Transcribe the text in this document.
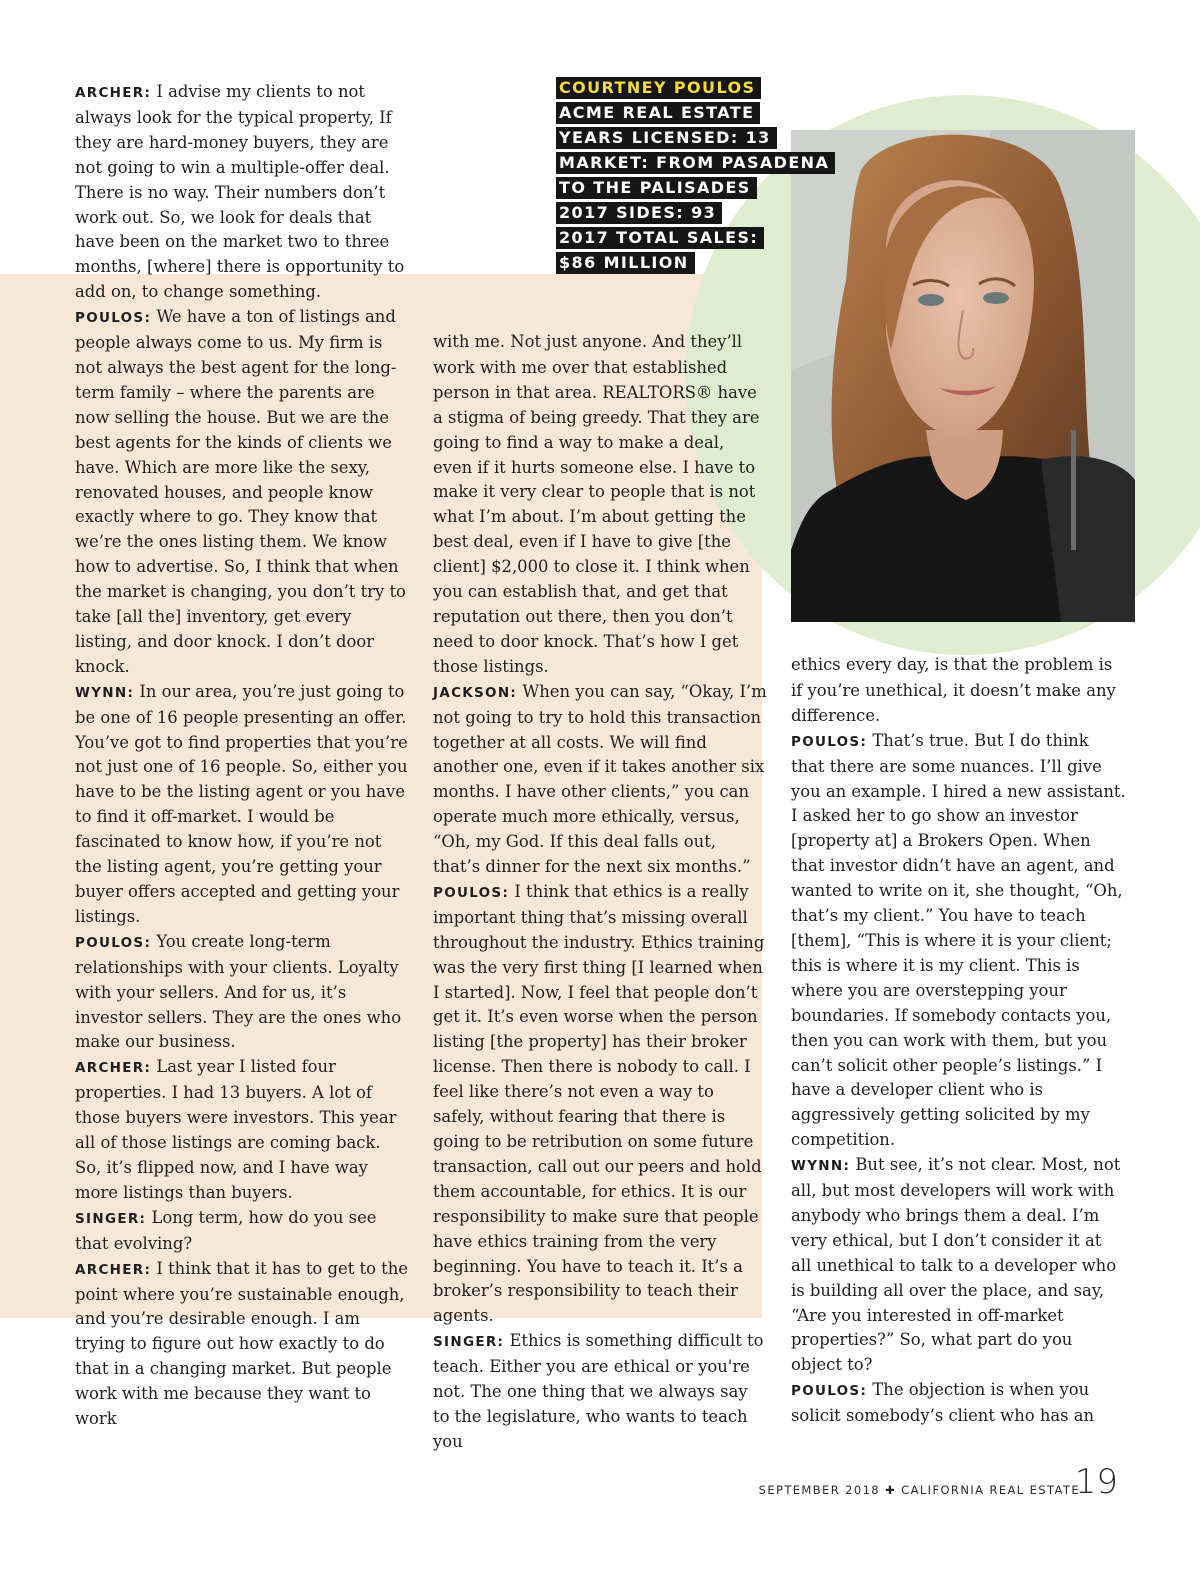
COURTNEY POULOS
ACME REAL ESTATE
YEARS LICENSED: 13
MARKET: FROM PASADENA
TO THE PALISADES
2017 SIDES: 93
2017 TOTAL SALES:
$86 MILLION

ARCHER: I advise my clients to not always look for the typical property, If they are hard-money buyers, they are not going to win a multiple-offer deal. There is no way. Their numbers don’t work out. So, we look for deals that have been on the market two to three months, [where] there is opportunity to add on, to change something.

POULOS: We have a ton of listings and people always come to us. My firm is not always the best agent for the long-term family – where the parents are now selling the house. But we are the best agents for the kinds of clients we have. Which are more like the sexy, renovated houses, and people know exactly where to go. They know that we’re the ones listing them. We know how to advertise. So, I think that when the market is changing, you don’t try to take [all the] inventory, get every listing, and door knock. I don’t door knock.

WYNN: In our area, you’re just going to be one of 16 people presenting an offer. You’ve got to find properties that you’re not just one of 16 people. So, either you have to be the listing agent or you have to find it off-market. I would be fascinated to know how, if you’re not the listing agent, you’re getting your buyer offers accepted and getting your listings.

POULOS: You create long-term relationships with your clients. Loyalty with your sellers. And for us, it’s investor sellers. They are the ones who make our business.

ARCHER: Last year I listed four properties. I had 13 buyers. A lot of those buyers were investors. This year all of those listings are coming back. So, it’s flipped now, and I have way more listings than buyers.

SINGER: Long term, how do you see that evolving?

ARCHER: I think that it has to get to the point where you’re sustainable enough, and you’re desirable enough. I am trying to figure out how exactly to do that in a changing market. But people work with me because they want to work

with me. Not just anyone. And they’ll work with me over that established person in that area. REALTORS® have a stigma of being greedy. That they are going to find a way to make a deal, even if it hurts someone else. I have to make it very clear to people that is not what I’m about. I’m about getting the best deal, even if I have to give [the client] $2,000 to close it. I think when you can establish that, and get that reputation out there, then you don’t need to door knock. That’s how I get those listings.

JACKSON: When you can say, “Okay, I’m not going to try to hold this transaction together at all costs. We will find another one, even if it takes another six months. I have other clients,” you can operate much more ethically, versus, “Oh, my God. If this deal falls out, that’s dinner for the next six months.”

POULOS: I think that ethics is a really important thing that’s missing overall throughout the industry. Ethics training was the very first thing [I learned when I started]. Now, I feel that people don’t get it. It’s even worse when the person listing [the property] has their broker license. Then there is nobody to call. I feel like there’s not even a way to safely, without fearing that there is going to be retribution on some future transaction, call out our peers and hold them accountable, for ethics. It is our responsibility to make sure that people have ethics training from the very beginning. You have to teach it. It’s a broker’s responsibility to teach their agents.

SINGER: Ethics is something difficult to teach. Either you are ethical or you're not. The one thing that we always say to the legislature, who wants to teach you

ethics every day, is that the problem is if you’re unethical, it doesn’t make any difference.

POULOS: That’s true. But I do think that there are some nuances. I’ll give you an example. I hired a new assistant. I asked her to go show an investor [property at] a Brokers Open. When that investor didn’t have an agent, and wanted to write on it, she thought, “Oh, that’s my client.” You have to teach [them], “This is where it is your client; this is where it is my client. This is where you are overstepping your boundaries. If somebody contacts you, then you can work with them, but you can’t solicit other people’s listings.” I have a developer client who is aggressively getting solicited by my competition.

WYNN: But see, it’s not clear. Most, not all, but most developers will work with anybody who brings them a deal. I’m very ethical, but I don’t consider it at all unethical to talk to a developer who is building all over the place, and say, “Are you interested in off-market properties?” So, what part do you object to?

POULOS: The objection is when you solicit somebody’s client who has an

SEPTEMBER 2018 ✚ CALIFORNIA REAL ESTATE
19
